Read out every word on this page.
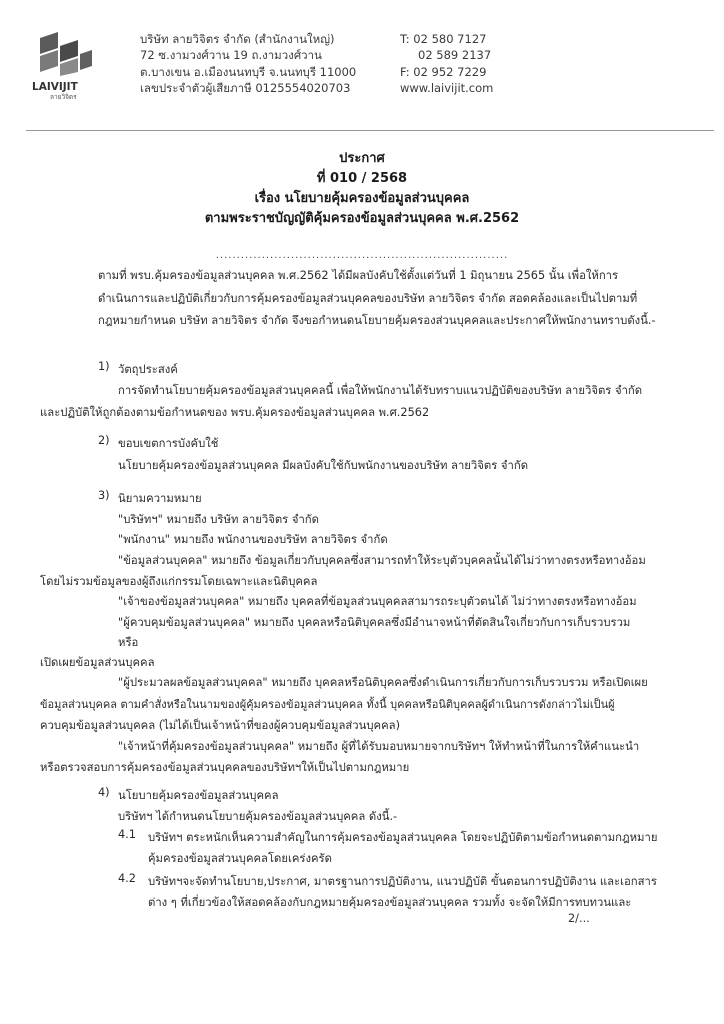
LAIVIJIT
ลายวิจิตร
บริษัท ลายวิจิตร จำกัด (สำนักงานใหญ่)
72 ซ.งามวงศ์วาน 19 ถ.งามวงศ์วาน
ต.บางเขน อ.เมืองนนทบุรี จ.นนทบุรี 11000
เลขประจำตัวผู้เสียภาษี 0125554020703
T: 02 580 7127
02 589 2137
F: 02 952 7229
www.laivijit.com
ประกาศ
ที่ 010 / 2568
เรื่อง นโยบายคุ้มครองข้อมูลส่วนบุคคล
ตามพระราชบัญญัติคุ้มครองข้อมูลส่วนบุคคล พ.ศ.2562
......................................................................
ตามที่ พรบ.คุ้มครองข้อมูลส่วนบุคคล พ.ศ.2562 ได้มีผลบังคับใช้ตั้งแต่วันที่ 1 มิถุนายน 2565 นั้น เพื่อให้การ
ดำเนินการและปฏิบัติเกี่ยวกับการคุ้มครองข้อมูลส่วนบุคคลของบริษัท ลายวิจิตร จำกัด สอดคล้องและเป็นไปตามที่
กฎหมายกำหนด บริษัท ลายวิจิตร จำกัด จึงขอกำหนดนโยบายคุ้มครองส่วนบุคคลและประกาศให้พนักงานทราบดังนี้.-
1) วัตถุประสงค์
การจัดทำนโยบายคุ้มครองข้อมูลส่วนบุคคลนี้ เพื่อให้พนักงานได้รับทราบแนวปฏิบัติของบริษัท ลายวิจิตร จำกัด
และปฏิบัติให้ถูกต้องตามข้อกำหนดของ พรบ.คุ้มครองข้อมูลส่วนบุคคล พ.ศ.2562
2) ขอบเขตการบังคับใช้
นโยบายคุ้มครองข้อมูลส่วนบุคคล มีผลบังคับใช้กับพนักงานของบริษัท ลายวิจิตร จำกัด
3) นิยามความหมาย
"บริษัทฯ" หมายถึง บริษัท ลายวิจิตร จำกัด
"พนักงาน" หมายถึง พนักงานของบริษัท ลายวิจิตร จำกัด
"ข้อมูลส่วนบุคคล" หมายถึง ข้อมูลเกี่ยวกับบุคคลซึ่งสามารถทำให้ระบุตัวบุคคลนั้นได้ไม่ว่าทางตรงหรือทางอ้อม
โดยไม่รวมข้อมูลของผู้ถึงแก่กรรมโดยเฉพาะและนิติบุคคล
"เจ้าของข้อมูลส่วนบุคคล" หมายถึง บุคคลที่ข้อมูลส่วนบุคคลสามารถระบุตัวตนได้ ไม่ว่าทางตรงหรือทางอ้อม
"ผู้ควบคุมข้อมูลส่วนบุคคล" หมายถึง บุคคลหรือนิติบุคคลซึ่งมีอำนาจหน้าที่ตัดสินใจเกี่ยวกับการเก็บรวบรวม
หรือ
เปิดเผยข้อมูลส่วนบุคคล
"ผู้ประมวลผลข้อมูลส่วนบุคคล" หมายถึง บุคคลหรือนิติบุคคลซึ่งดำเนินการเกี่ยวกับการเก็บรวบรวม หรือเปิดเผย
ข้อมูลส่วนบุคคล ตามคำสั่งหรือในนามของผู้คุ้มครองข้อมูลส่วนบุคคล ทั้งนี้ บุคคลหรือนิติบุคคลผู้ดำเนินการดังกล่าวไม่เป็นผู้
ควบคุมข้อมูลส่วนบุคคล (ไม่ได้เป็นเจ้าหน้าที่ของผู้ควบคุมข้อมูลส่วนบุคคล)
"เจ้าหน้าที่คุ้มครองข้อมูลส่วนบุคคล" หมายถึง ผู้ที่ได้รับมอบหมายจากบริษัทฯ ให้ทำหน้าที่ในการให้คำแนะนำ
หรือตรวจสอบการคุ้มครองข้อมูลส่วนบุคคลของบริษัทฯให้เป็นไปตามกฎหมาย
4) นโยบายคุ้มครองข้อมูลส่วนบุคคล
บริษัทฯ ได้กำหนดนโยบายคุ้มครองข้อมูลส่วนบุคคล ดังนี้.-
4.1 บริษัทฯ ตระหนักเห็นความสำคัญในการคุ้มครองข้อมูลส่วนบุคคล โดยจะปฏิบัติตามข้อกำหนดตามกฎหมาย
คุ้มครองข้อมูลส่วนบุคคลโดยเคร่งครัด
4.2 บริษัทฯจะจัดทำนโยบาย,ประกาศ, มาตรฐานการปฏิบัติงาน, แนวปฏิบัติ ขั้นตอนการปฏิบัติงาน และเอกสาร
ต่าง ๆ ที่เกี่ยวข้องให้สอดคล้องกับกฎหมายคุ้มครองข้อมูลส่วนบุคคล รวมทั้ง จะจัดให้มีการทบทวนและ
2/...
